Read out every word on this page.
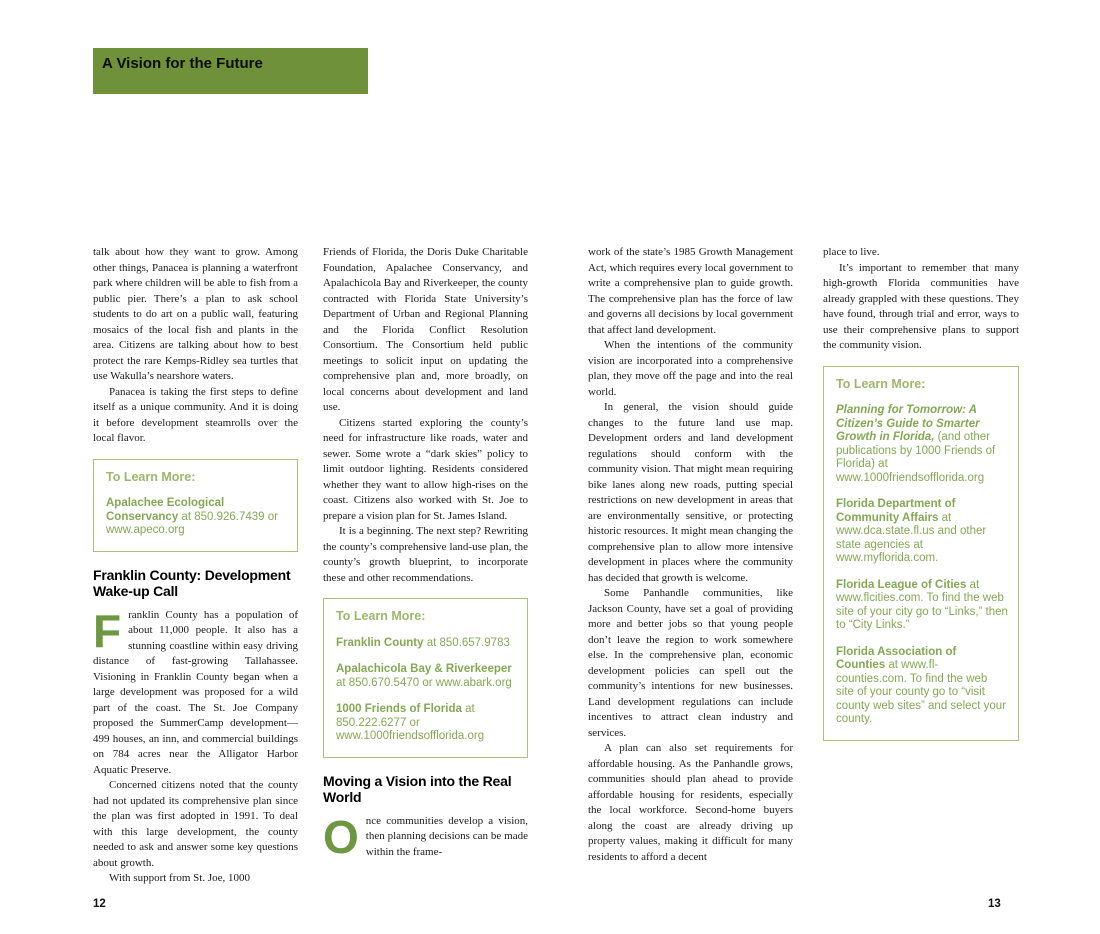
A Vision for the Future

talk about how they want to grow. Among other things, Panacea is planning a waterfront park where children will be able to fish from a public pier. There’s a plan to ask school students to do art on a public wall, featuring mosaics of the local fish and plants in the area. Citizens are talking about how to best protect the rare Kemps-Ridley sea turtles that use Wakulla’s nearshore waters.

Panacea is taking the first steps to define itself as a unique community. And it is doing it before development steamrolls over the local flavor.

To Learn More:

Apalachee Ecological Conservancy at 850.926.7439 or www.apeco.org

Franklin County: Development Wake-up Call

Franklin County has a population of about 11,000 people. It also has a stunning coastline within easy driving distance of fast-growing Tallahassee. Visioning in Franklin County began when a large development was proposed for a wild part of the coast. The St. Joe Company proposed the SummerCamp development—499 houses, an inn, and commercial buildings on 784 acres near the Alligator Harbor Aquatic Preserve.

Concerned citizens noted that the county had not updated its comprehensive plan since the plan was first adopted in 1991. To deal with this large development, the county needed to ask and answer some key questions about growth.

With support from St. Joe, 1000

Friends of Florida, the Doris Duke Charitable Foundation, Apalachee Conservancy, and Apalachicola Bay and Riverkeeper, the county contracted with Florida State University’s Department of Urban and Regional Planning and the Florida Conflict Resolution Consortium. The Consortium held public meetings to solicit input on updating the comprehensive plan and, more broadly, on local concerns about development and land use.

Citizens started exploring the county’s need for infrastructure like roads, water and sewer. Some wrote a “dark skies” policy to limit outdoor lighting. Residents considered whether they want to allow high-rises on the coast. Citizens also worked with St. Joe to prepare a vision plan for St. James Island.

It is a beginning. The next step? Rewriting the county’s comprehensive land-use plan, the county’s growth blueprint, to incorporate these and other recommendations.

To Learn More:

Franklin County at 850.657.9783

Apalachicola Bay & Riverkeeper at 850.670.5470 or www.abark.org

1000 Friends of Florida at 850.222.6277 or www.1000friendsofflorida.org

Moving a Vision into the Real World

Once communities develop a vision, then planning decisions can be made within the frame-

work of the state’s 1985 Growth Management Act, which requires every local government to write a comprehensive plan to guide growth. The comprehensive plan has the force of law and governs all decisions by local government that affect land development.

When the intentions of the community vision are incorporated into a comprehensive plan, they move off the page and into the real world.

In general, the vision should guide changes to the future land use map. Development orders and land development regulations should conform with the community vision. That might mean requiring bike lanes along new roads, putting special restrictions on new development in areas that are environmentally sensitive, or protecting historic resources. It might mean changing the comprehensive plan to allow more intensive development in places where the community has decided that growth is welcome.

Some Panhandle communities, like Jackson County, have set a goal of providing more and better jobs so that young people don’t leave the region to work somewhere else. In the comprehensive plan, economic development policies can spell out the community’s intentions for new businesses. Land development regulations can include incentives to attract clean industry and services.

A plan can also set requirements for affordable housing. As the Panhandle grows, communities should plan ahead to provide affordable housing for residents, especially the local workforce. Second-home buyers along the coast are already driving up property values, making it difficult for many residents to afford a decent

place to live.

It’s important to remember that many high-growth Florida communities have already grappled with these questions. They have found, through trial and error, ways to use their comprehensive plans to support the community vision.

To Learn More:

Planning for Tomorrow: A Citizen’s Guide to Smarter Growth in Florida, (and other publications by 1000 Friends of Florida) at www.1000friendsofflorida.org

Florida Department of Community Affairs at www.dca.state.fl.us and other state agencies at www.myflorida.com.

Florida League of Cities at www.flcities.com. To find the web site of your city go to “Links,” then to “City Links.”

Florida Association of Counties at www.fl-counties.com. To find the web site of your county go to “visit county web sites” and select your county.

12	13
